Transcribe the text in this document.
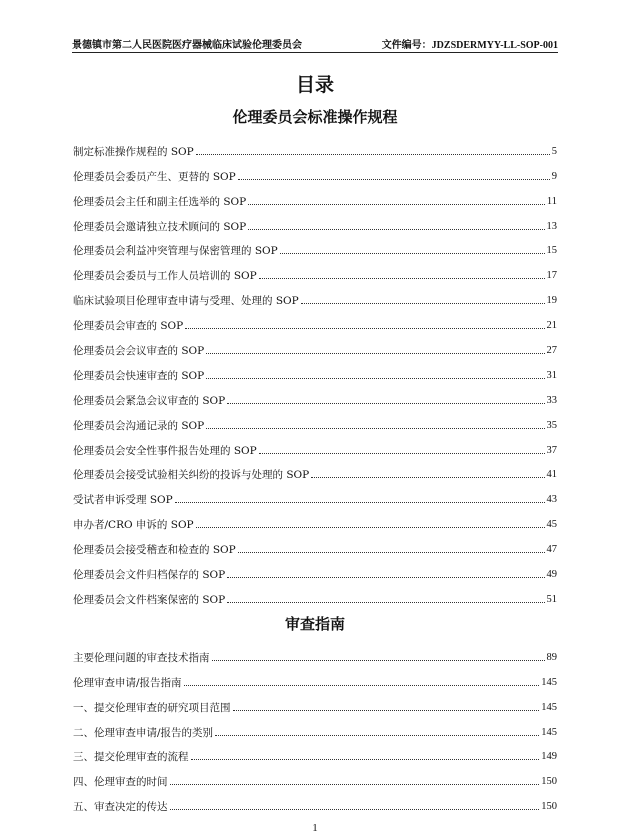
景德镇市第二人民医院医疗器械临床试验伦理委员会	文件编号：JDZSDERMYY-LL-SOP-001
目录
伦理委员会标准操作规程
制定标准操作规程的 SOP	5
伦理委员会委员产生、更替的 SOP	9
伦理委员会主任和副主任选举的 SOP	11
伦理委员会邀请独立技术顾问的 SOP	13
伦理委员会利益冲突管理与保密管理的 SOP	15
伦理委员会委员与工作人员培训的 SOP	17
临床试验项目伦理审查申请与受理、处理的 SOP	19
伦理委员会审查的 SOP	21
伦理委员会会议审查的 SOP	27
伦理委员会快速审查的 SOP	31
伦理委员会紧急会议审查的 SOP	33
伦理委员会沟通记录的 SOP	35
伦理委员会安全性事件报告处理的 SOP	37
伦理委员会接受试验相关纠纷的投诉与处理的 SOP	41
受试者申诉受理 SOP	43
申办者/CRO 申诉的 SOP	45
伦理委员会接受稽查和检查的 SOP	47
伦理委员会文件归档保存的 SOP	49
伦理委员会文件档案保密的 SOP	51
审查指南
主要伦理问题的审查技术指南	89
伦理审查申请/报告指南	145
一、提交伦理审查的研究项目范围	145
二、伦理审查申请/报告的类别	145
三、提交伦理审查的流程	149
四、伦理审查的时间	150
五、审查决定的传达	150
1
